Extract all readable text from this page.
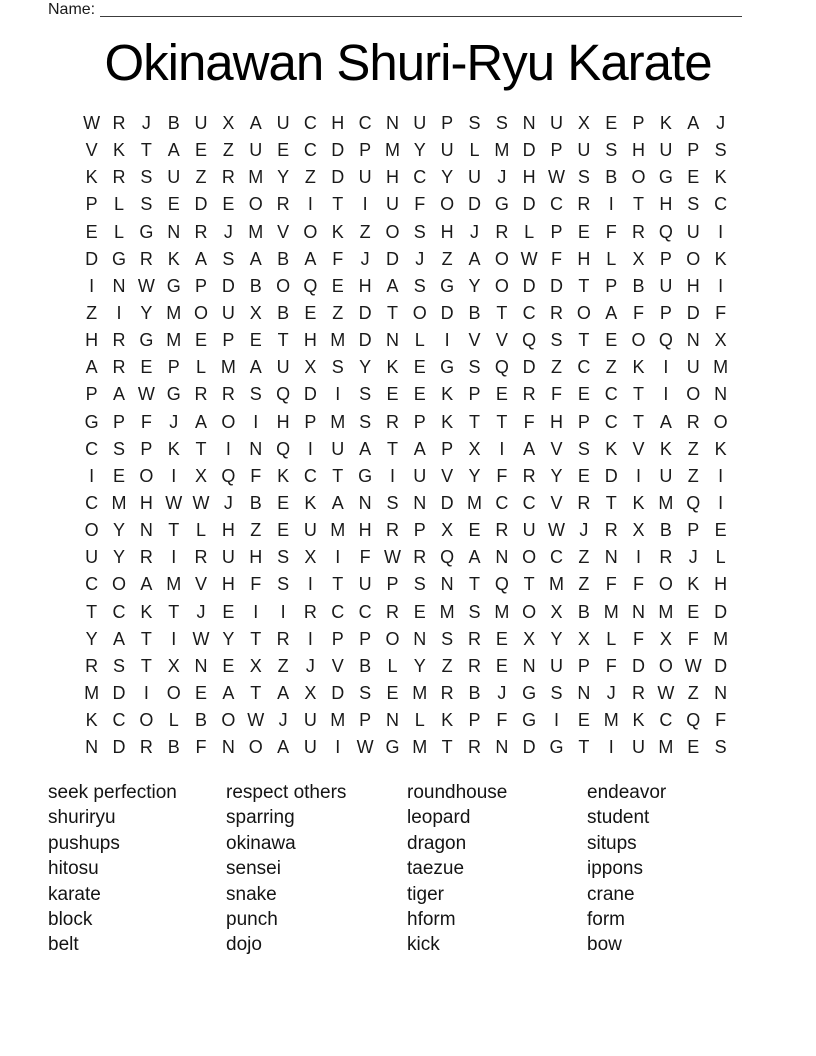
Name:
Okinawan Shuri-Ryu Karate
W R J B U X A U C H C N U P S S N U X E P K A J
V K T A E Z U E C D P M Y U L M D P U S H U P S
K R S U Z R M Y Z D U H C Y U J H W S B O G E K
P L S E D E O R	I	T	I	U F O D G D C R	I	T H S C
E L G N R J M V O K Z O S H J R L P E F R Q U	I
D G R K A S A B A F J D J Z A O W F H L X P O K
I	N W G P D B O Q E H A S G Y O D D T P B U H	I
Z	I	Y M O U X B E Z D T O D B T C R O A F P D F
H R G M E P E T H M D N L	I	V V Q S T E O Q N X
A R E P L M A U X S Y K E G S Q D Z C Z K	I	U M
P A W G R R S Q D	I	S E E K P E R F E C T	I O N
G P F J A O I	H P M S R P K T T F H P C T A R O
C S P K T	I	N Q I	U A T A P X	I	A V S K V K Z K
I	E O I	X Q F K C T G I	U V Y F R Y E D	I	U Z	I
C M H W W J B E K A N S N D M C C V R T K M Q I
O Y N T L H Z E U M H R P X E R U W J R X B P E
U Y R	I	R U H S X	I	F W R Q A N O C Z N	I	R J L
C O A M V H F S	I	T U P S N T Q T M Z F F O K H
T C K T J E	I	I	R C C R E M S M O X B M N M E D
Y A T	I W Y T R	I	P P O N S R E X Y X L F X F M
R S T X N E X Z J V B L Y Z R E N U P F D O W D
M D	I O E A T A X D S E M R B J G S N J R W Z N
K C O L B O W J U M P N L K P F G I	E M K C Q F
N D R B F N O A U	I W G M T R N D G T	I	U M E S
seek perfection
shuriryu
pushups
hitosu
karate
block
belt
respect others
sparring
okinawa
sensei
snake
punch
dojo
roundhouse
leopard
dragon
taezue
tiger
hform
kick
endeavor
student
situps
ippons
crane
form
bow
